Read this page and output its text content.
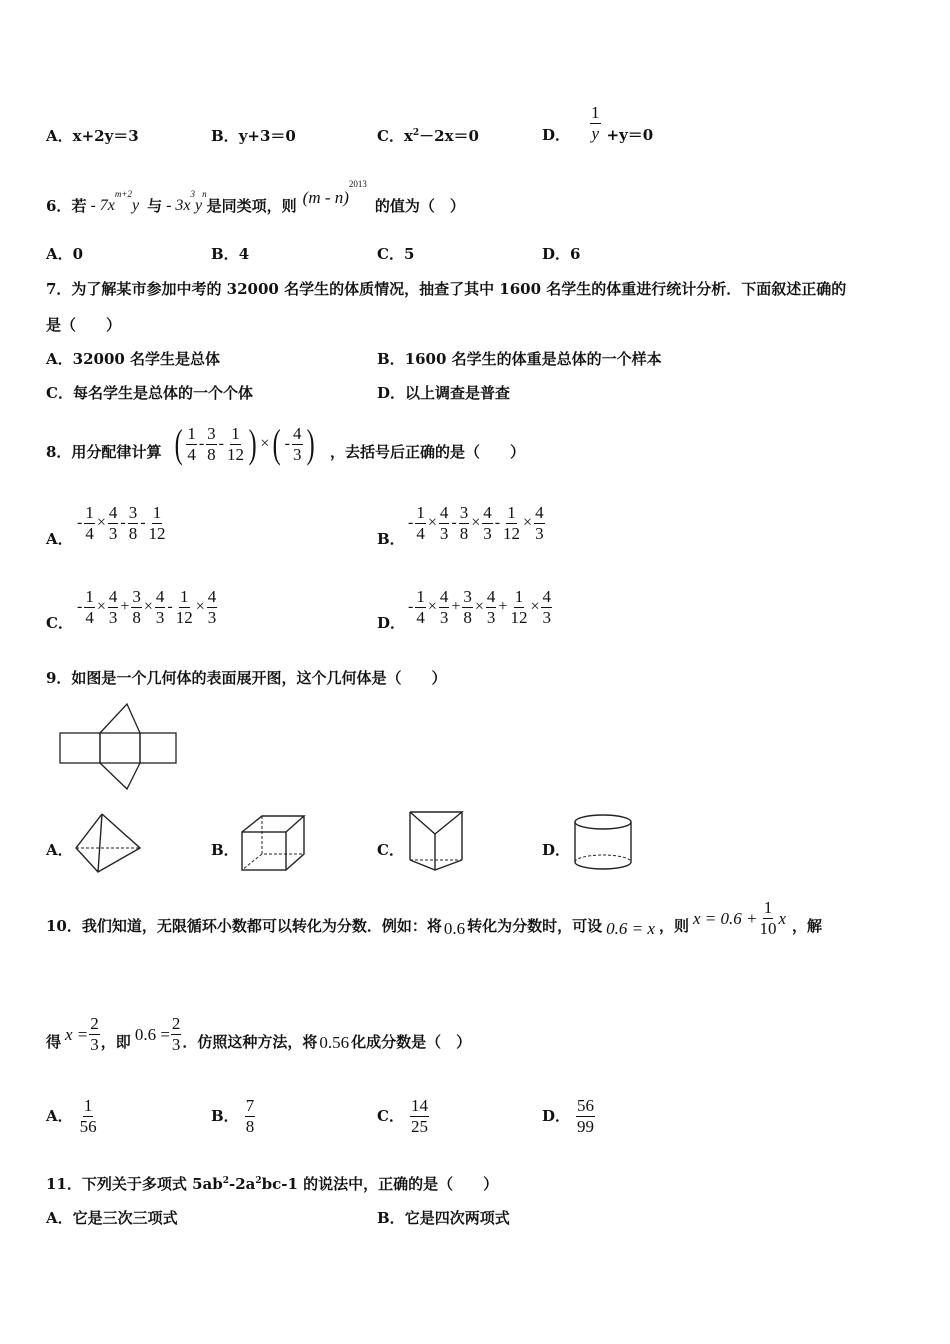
A．x+2y＝3	B．y+3＝0	C．$x^2-2x=0$	D． $\frac{1}{y} +y=0$
6． 若 - 7x
$^{m+2}$
y 与 - 3x
$^3$
y
$^n$
是同类项，则 (m - n)
$^{2013}$
的值为（　）
A．0	B．4	C．5	D．6
7．为了解某市参加中考的 32000 名学生的体质情况，抽查了其中 1600 名学生的体重进行统计分析．下面叙述正确的
是（　　）
A．32000 名学生是总体	B．1600 名学生的体重是总体的一个样本
C．每名学生是总体的一个个体	D．以上调查是普查
8．用分配律计算 ( $\frac{1}{4} - \frac{3}{8} - \frac{1}{12}$ ) × ( - $\frac{4}{3}$ ) ，去括号后正确的是（　　）
A．
- $\frac{1}{4} \times \frac{4}{3} - \frac{3}{8} - \frac{1}{12}$	B．
- $\frac{1}{4} \times \frac{4}{3} - \frac{3}{8} \times \frac{4}{3} - \frac{1}{12} \times \frac{4}{3}$
C．
- $\frac{1}{4} \times \frac{4}{3} + \frac{3}{8} \times \frac{4}{3} - \frac{1}{12} \times \frac{4}{3}$	D．
- $\frac{1}{4} \times \frac{4}{3} + \frac{3}{8} \times \frac{4}{3} + \frac{1}{12} \times \frac{4}{3}$
9．如图是一个几何体的表面展开图，这个几何体是（　　）
A．	B．	C．	D．
10．我们知道，无限循环小数都可以转化为分数．例如：将 0.6 转化为分数时，可设 0.6 = x ，则 $x = 0.6 + \frac{1}{10}$ x ，解
得 $x = \frac{2}{3}$ ，即 $0.6 = \frac{2}{3}$ ．仿照这种方法，将 0.56 化成分数是（　）
A． $\frac{1}{56}$	B． $\frac{7}{8}$	C． $\frac{14}{25}$	D． $\frac{56}{99}$
11．下列关于多项式 $5ab^2-2a^2bc-1$ 的说法中，正确的是（　　）
A．它是三次三项式	B．它是四次两项式
